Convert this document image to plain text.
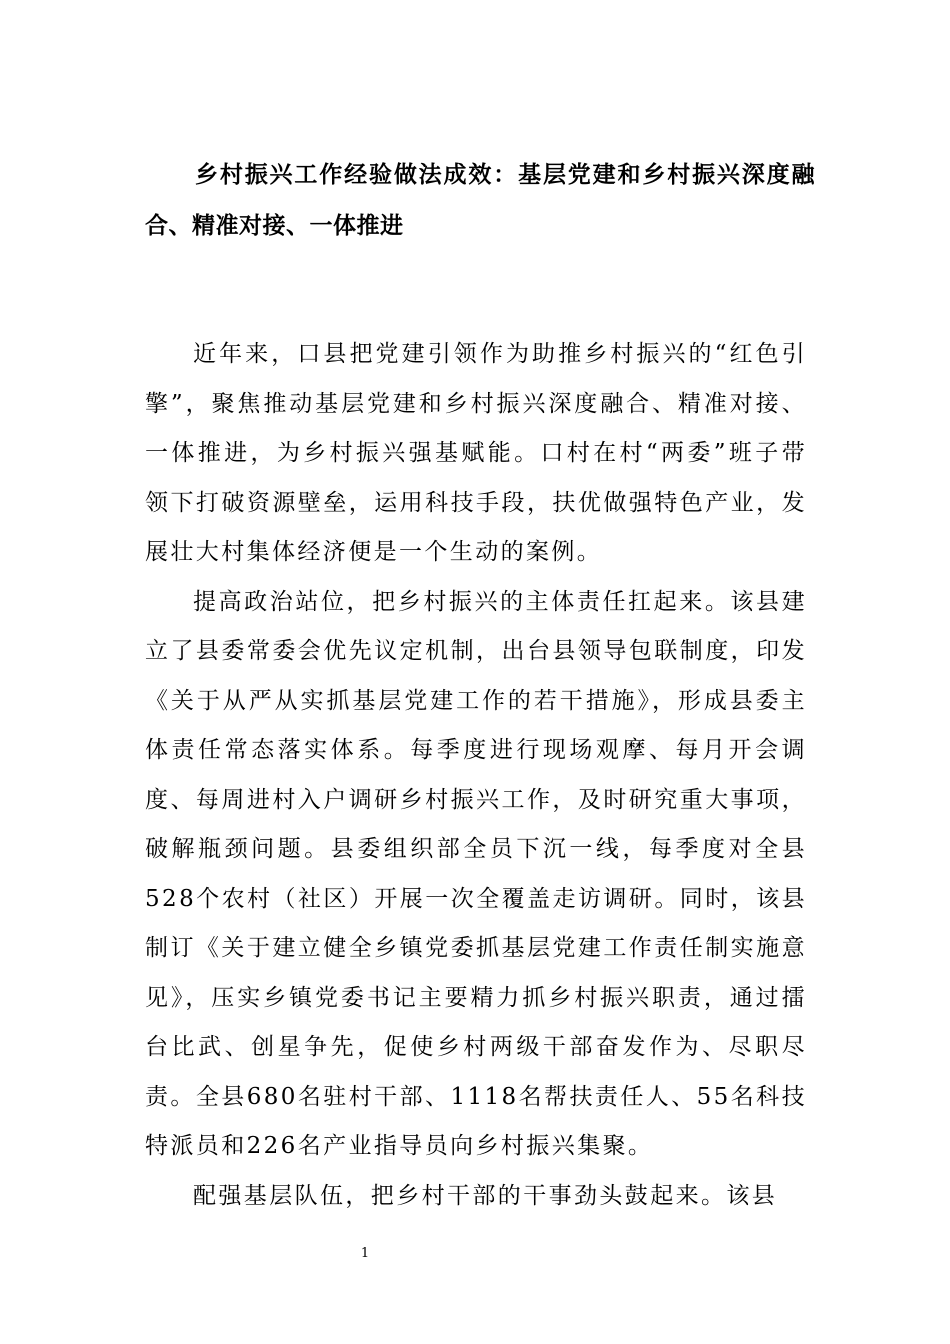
乡村振兴工作经验做法成效：基层党建和乡村振兴深度融合、精准对接、一体推进

近年来，口县把党建引领作为助推乡村振兴的“红色引擎”，聚焦推动基层党建和乡村振兴深度融合、精准对接、一体推进，为乡村振兴强基赋能。口村在村“两委”班子带领下打破资源壁垒，运用科技手段，扶优做强特色产业，发展壮大村集体经济便是一个生动的案例。

提高政治站位，把乡村振兴的主体责任扛起来。该县建立了县委常委会优先议定机制，出台县领导包联制度，印发《关于从严从实抓基层党建工作的若干措施》，形成县委主体责任常态落实体系。每季度进行现场观摩、每月开会调度、每周进村入户调研乡村振兴工作，及时研究重大事项，破解瓶颈问题。县委组织部全员下沉一线，每季度对全县528个农村（社区）开展一次全覆盖走访调研。同时，该县制订《关于建立健全乡镇党委抓基层党建工作责任制实施意见》，压实乡镇党委书记主要精力抓乡村振兴职责，通过擂台比武、创星争先，促使乡村两级干部奋发作为、尽职尽责。全县680名驻村干部、1118名帮扶责任人、55名科技特派员和226名产业指导员向乡村振兴集聚。

配强基层队伍，把乡村干部的干事劲头鼓起来。该县

1
